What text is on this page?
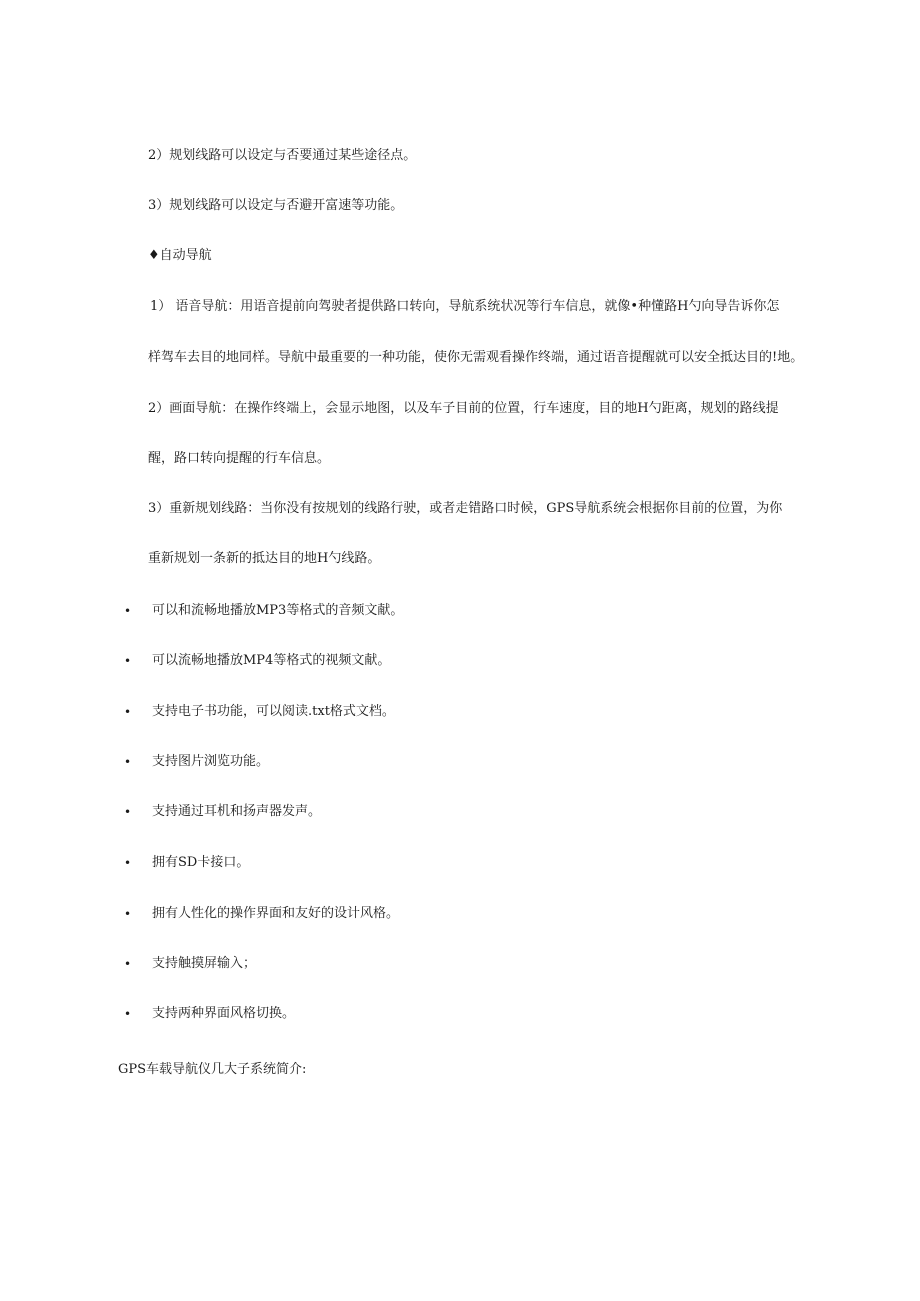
2）规划线路可以设定与否要通过某些途径点。
3）规划线路可以设定与否避开富速等功能。
♦自动导航
1） 语音导航：用语音提前向驾驶者提供路口转向，导航系统状况等行车信息，就像•种懂路H勺向导告诉你怎
样驾车去目的地同样。导航中最重要的一种功能，使你无需观看操作终端，通过语音提醒就可以安全抵达目的!地。
2）画面导航：在操作终端上，会显示地图，以及车子目前的位置，行车速度，目的地H勺距离，规划的路线提
醒，路口转向提醒的行车信息。
3）重新规划线路：当你没有按规划的线路行驶，或者走错路口时候，GPS导航系统会根据你目前的位置，为你
重新规划一条新的抵达目的地H勺线路。
• 可以和流畅地播放MP3等格式的音频文献。
• 可以流畅地播放MP4等格式的视频文献。
• 支持电子书功能，可以阅读.txt格式文档。
• 支持图片浏览功能。
• 支持通过耳机和扬声器发声。
• 拥有SD卡接口。
• 拥有人性化的操作界面和友好的设计风格。
• 支持触摸屏输入；
• 支持两种界面风格切换。
GPS车载导航仪几大子系统简介:
